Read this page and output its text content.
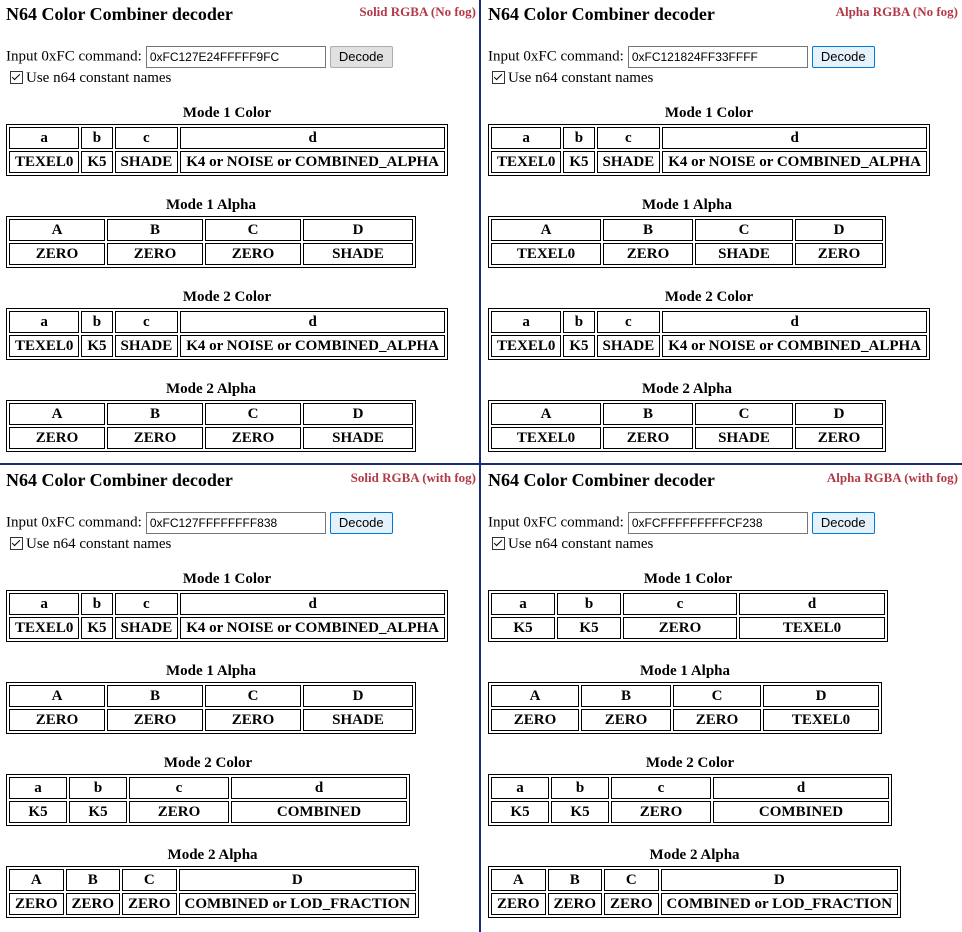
N64 Color Combiner decoder	Solid RGBA (No fog)
Input 0xFC command:0xFC127E24FFFFF9FC	Decode
Use n64 constant names
Mode 1 Color
a	b	c	d
TEXEL0	K5	SHADE	K4 or NOISE or COMBINED_ALPHA
Mode 1 Alpha
A	B	C	D
ZERO	ZERO	ZERO	SHADE
Mode 2 Color
a	b	c	d
TEXEL0	K5	SHADE	K4 or NOISE or COMBINED_ALPHA
Mode 2 Alpha
A	B	C	D
ZERO	ZERO	ZERO	SHADE
N64 Color Combiner decoder	Alpha RGBA (No fog)
Input 0xFC command:0xFC121824FF33FFFF	Decode
Use n64 constant names
Mode 1 Color
a	b	c	d
TEXEL0	K5	SHADE	K4 or NOISE or COMBINED_ALPHA
Mode 1 Alpha
A	B	C	D
TEXEL0	ZERO	SHADE	ZERO
Mode 2 Color
a	b	c	d
TEXEL0	K5	SHADE	K4 or NOISE or COMBINED_ALPHA
Mode 2 Alpha
A	B	C	D
TEXEL0	ZERO	SHADE	ZERO
N64 Color Combiner decoder	Solid RGBA (with fog)
Input 0xFC command:0xFC127FFFFFFFF838	Decode
Use n64 constant names
Mode 1 Color
a	b	c	d
TEXEL0	K5	SHADE	K4 or NOISE or COMBINED_ALPHA
Mode 1 Alpha
A	B	C	D
ZERO	ZERO	ZERO	SHADE
Mode 2 Color
a	b	c	d
K5	K5	ZERO	COMBINED
Mode 2 Alpha
A	B	C	D
ZERO	ZERO	ZERO	COMBINED or LOD_FRACTION
N64 Color Combiner decoder	Alpha RGBA (with fog)
Input 0xFC command:0xFCFFFFFFFFFCF238	Decode
Use n64 constant names
Mode 1 Color
a	b	c	d
K5	K5	ZERO	TEXEL0
Mode 1 Alpha
A	B	C	D
ZERO	ZERO	ZERO	TEXEL0
Mode 2 Color
a	b	c	d
K5	K5	ZERO	COMBINED
Mode 2 Alpha
A	B	C	D
ZERO	ZERO	ZERO	COMBINED or LOD_FRACTION
